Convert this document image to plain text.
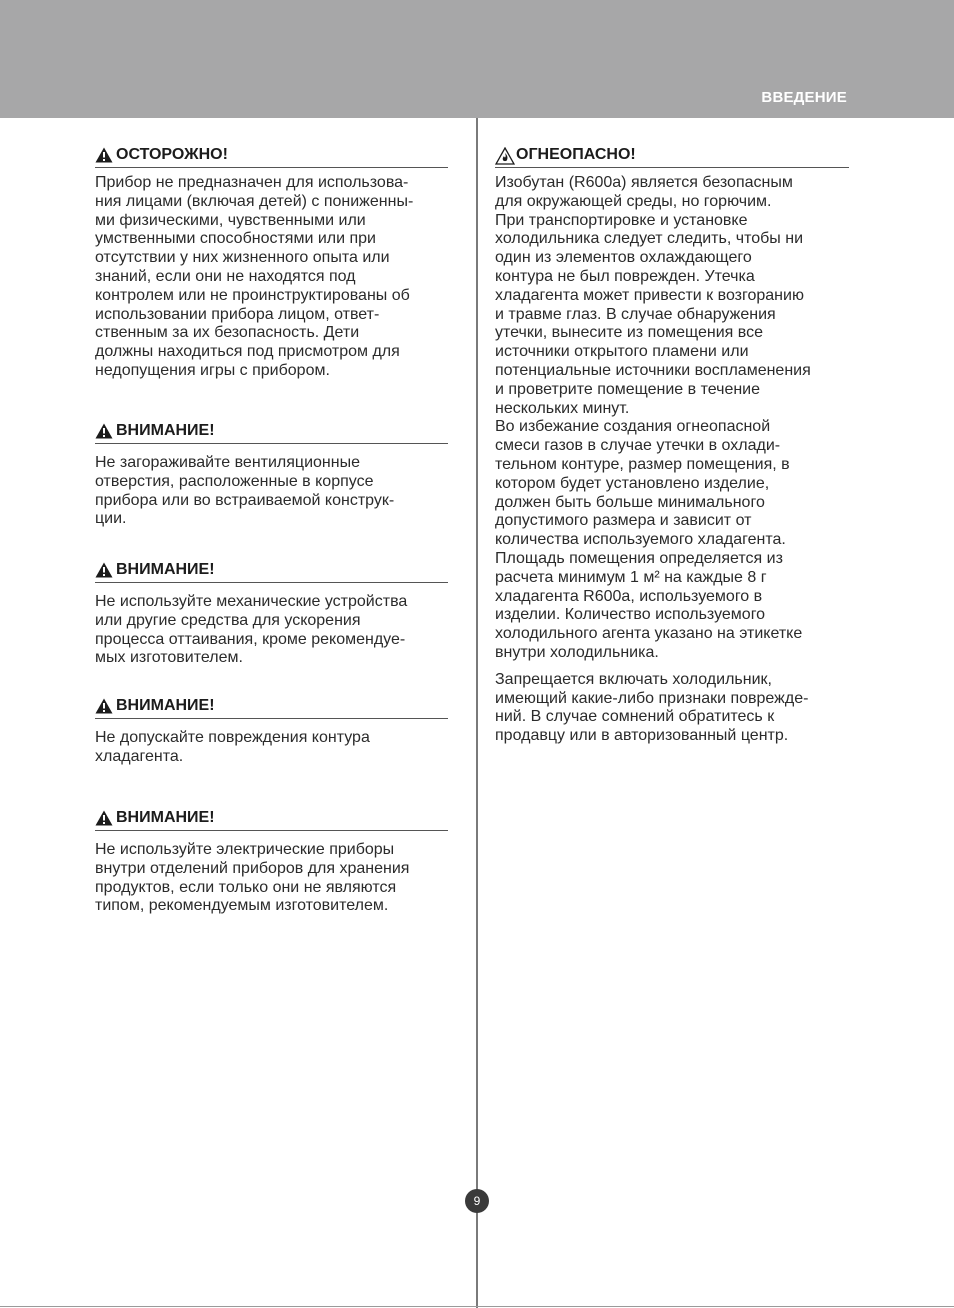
ВВЕДЕНИЕ
ОСТОРОЖНО!

Прибор не предназначен для использова-
ния лицами (включая детей) с пониженны-
ми физическими, чувственными или
умственными способностями или при
отсутствии у них жизненного опыта или
знаний, если они не находятся под
контролем или не проинструктированы об
использовании прибора лицом, ответ-
ственным за их безопасность. Дети
должны находиться под присмотром для
недопущения игры с прибором.

ВНИМАНИЕ!

Не загораживайте вентиляционные
отверстия, расположенные в корпусе
прибора или во встраиваемой конструк-
ции.

ВНИМАНИЕ!

Не используйте механические устройства
или другие средства для ускорения
процесса оттаивания, кроме рекомендуе-
мых изготовителем.

ВНИМАНИЕ!

Не допускайте повреждения контура
хладагента.

ВНИМАНИЕ!

Не используйте электрические приборы
внутри отделений приборов для хранения
продуктов, если только они не являются
типом, рекомендуемым изготовителем.

ОГНЕОПАСНО!

Изобутан (R600a) является безопасным
для окружающей среды, но горючим.
При транспортировке и установке
холодильника следует следить, чтобы ни
один из элементов охлаждающего
контура не был поврежден. Утечка
хладагента может привести к возгоранию
и травме глаз. В случае обнаружения
утечки, вынесите из помещения все
источники открытого пламени или
потенциальные источники воспламенения
и проветрите помещение в течение
нескольких минут.
Во избежание создания огнеопасной
смеси газов в случае утечки в охлади-
тельном контуре, размер помещения, в
котором будет установлено изделие,
должен быть больше минимального
допустимого размера и зависит от
количества используемого хладагента.
Площадь помещения определяется из
расчета минимум 1 м² на каждые 8 г
хладагента R600a, используемого в
изделии. Количество используемого
холодильного агента указано на этикетке
внутри холодильника.

Запрещается включать холодильник,
имеющий какие-либо признаки поврежде-
ний. В случае сомнений обратитесь к
продавцу или в авторизованный центр.

9
